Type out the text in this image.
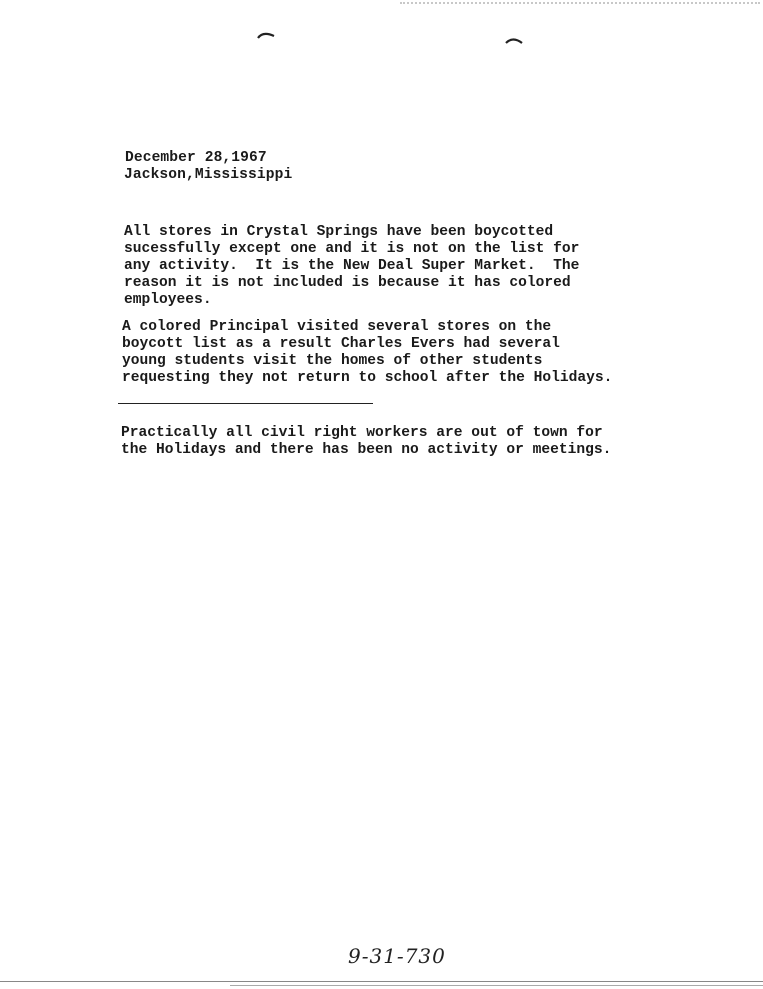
December 28,1967
Jackson,Mississippi
All stores in Crystal Springs have been boycotted
sucessfully except one and it is not on the list for
any activity.  It is the New Deal Super Market.  The
reason it is not included is because it has colored
employees.
A colored Principal visited several stores on the
boycott list as a result Charles Evers had several
young students visit the homes of other students
requesting they not return to school after the Holidays.
Practically all civil right workers are out of town for
the Holidays and there has been no activity or meetings.
9-31-730
